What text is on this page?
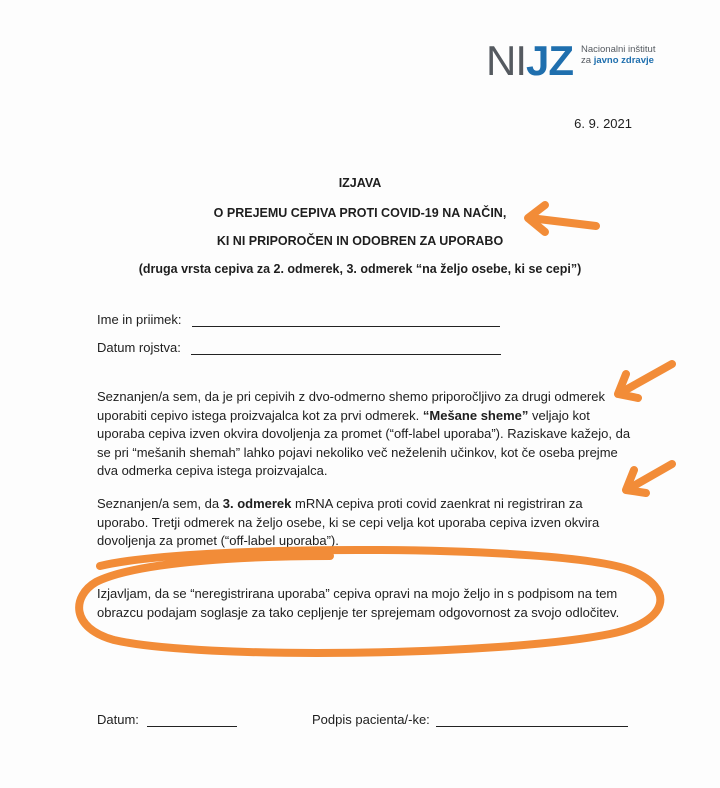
NIJZ Nacionalni inštitut
za javno zdravje
6. 9. 2021
IZJAVA
O PREJEMU CEPIVA PROTI COVID-19 NA NAČIN,
KI NI PRIPOROČEN IN ODOBREN ZA UPORABO
(druga vrsta cepiva za 2. odmerek, 3. odmerek “na željo osebe, ki se cepi”)
Ime in priimek:
Datum rojstva:
Seznanjen/a sem, da je pri cepivih z dvo-odmerno shemo priporočljivo za drugi odmerek uporabiti cepivo istega proizvajalca kot za prvi odmerek. “Mešane sheme” veljajo kot uporaba cepiva izven okvira dovoljenja za promet (“off-label uporaba”). Raziskave kažejo, da se pri “mešanih shemah” lahko pojavi nekoliko več neželenih učinkov, kot če oseba prejme dva odmerka cepiva istega proizvajalca.
Seznanjen/a sem, da 3. odmerek mRNA cepiva proti covid zaenkrat ni registriran za uporabo. Tretji odmerek na željo osebe, ki se cepi velja kot uporaba cepiva izven okvira dovoljenja za promet (“off-label uporaba”).
Izjavljam, da se “neregistrirana uporaba” cepiva opravi na mojo željo in s podpisom na tem obrazcu podajam soglasje za tako cepljenje ter sprejemam odgovornost za svojo odločitev.
Datum:	Podpis pacienta/-ke:
